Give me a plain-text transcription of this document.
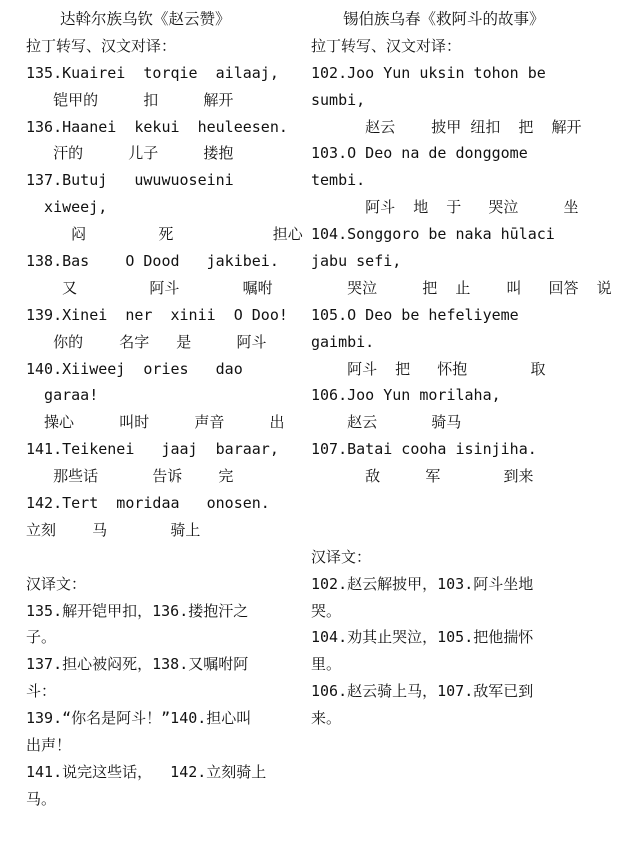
达斡尔族乌钦《赵云赞》
拉丁转写、汉文对译：
135.Kuairei  torqie  ailaaj,
铠甲的     扣     解开
136.Haanei  kekui  heuleesen.
汗的     儿子     搂抱
137.Butuj   uwuwuoseini
xiweej,
闷        死           担心
138.Bas    O Dood   jakibei.
又        阿斗       嘱咐
139.Xinei  ner  xinii  O Doo!
你的    名字   是     阿斗
140.Xiiweej  ories   dao
garaa!
操心     叫时     声音     出
141.Teikenei   jaaj  baraar,
那些话      告诉    完
142.Tert  moridaa   onosen.
立刻    马       骑上
汉译文：
135.解开铠甲扣，136.搂抱汗之
子。
137.担心被闷死，138.又嘱咐阿
斗：
139.“你名是阿斗！”140.担心叫
出声！
141.说完这些话，  142.立刻骑上
马。
锡伯族乌春《救阿斗的故事》
拉丁转写、汉文对译：
102.Joo Yun uksin tohon be
sumbi,
赵云    披甲 纽扣  把  解开
103.O Deo na de donggome
tembi.
阿斗  地  于   哭泣     坐
104.Songgoro be naka hūlaci
jabu sefi,
哭泣     把  止    叫   回答  说
105.O Deo be hefeliyeme
gaimbi.
阿斗  把   怀抱       取
106.Joo Yun morilaha,
赵云      骑马
107.Batai cooha isinjiha.
敌     军       到来
汉译文：
102.赵云解披甲，103.阿斗坐地
哭。
104.劝其止哭泣，105.把他揣怀
里。
106.赵云骑上马，107.敌军已到
来。
